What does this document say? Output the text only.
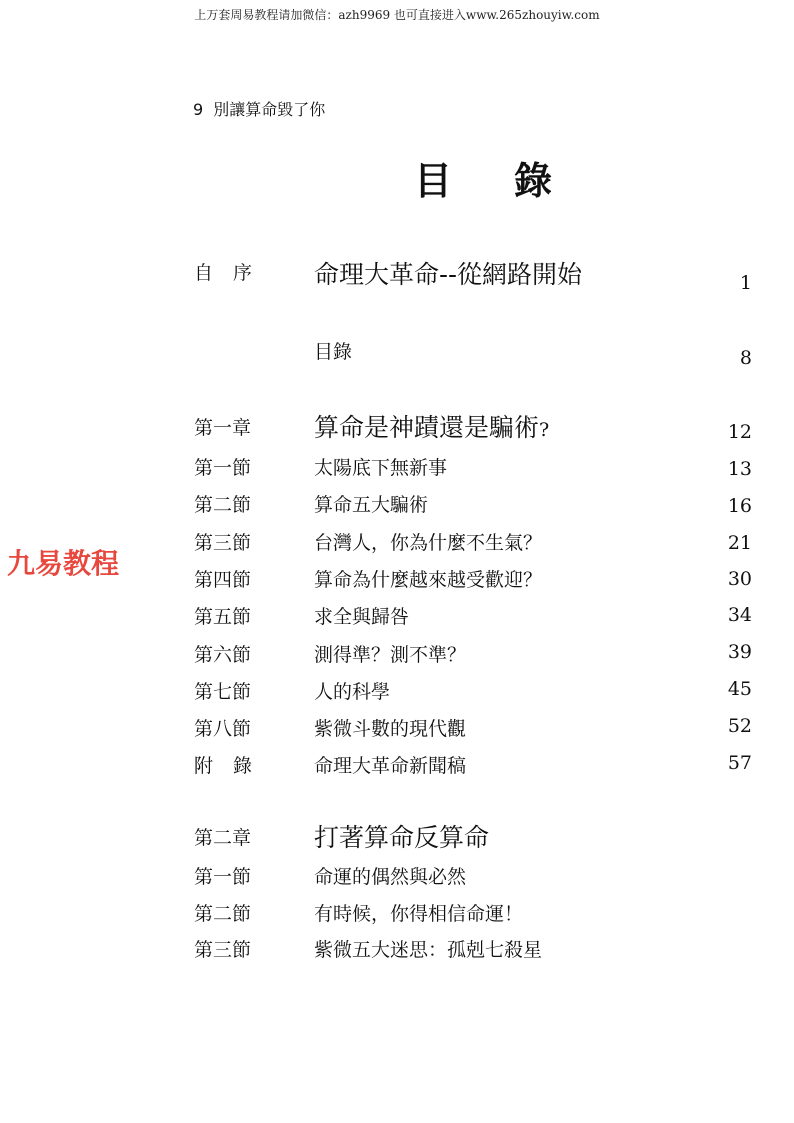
上万套周易教程请加微信：azh9969 也可直接进入www.265zhouyiw.com
9 別讓算命毀了你
目錄
九易教程
自序 命理大革命--從網路開始	1
目錄	8
第一章	算命是神蹟還是騙術?	12
第一節	太陽底下無新事	13
第二節	算命五大騙術	16
第三節	台灣人，你為什麼不生氣？	21
第四節	算命為什麼越來越受歡迎？	30
第五節	求全與歸咎	34
第六節	測得準？測不準？	39
第七節	人的科學	45
第八節	紫微斗數的現代觀	52
附錄 命理大革命新聞稿	57
第二章	打著算命反算命
第一節	命運的偶然與必然
第二節	有時候，你得相信命運！
第三節	紫微五大迷思：孤剋七殺星
